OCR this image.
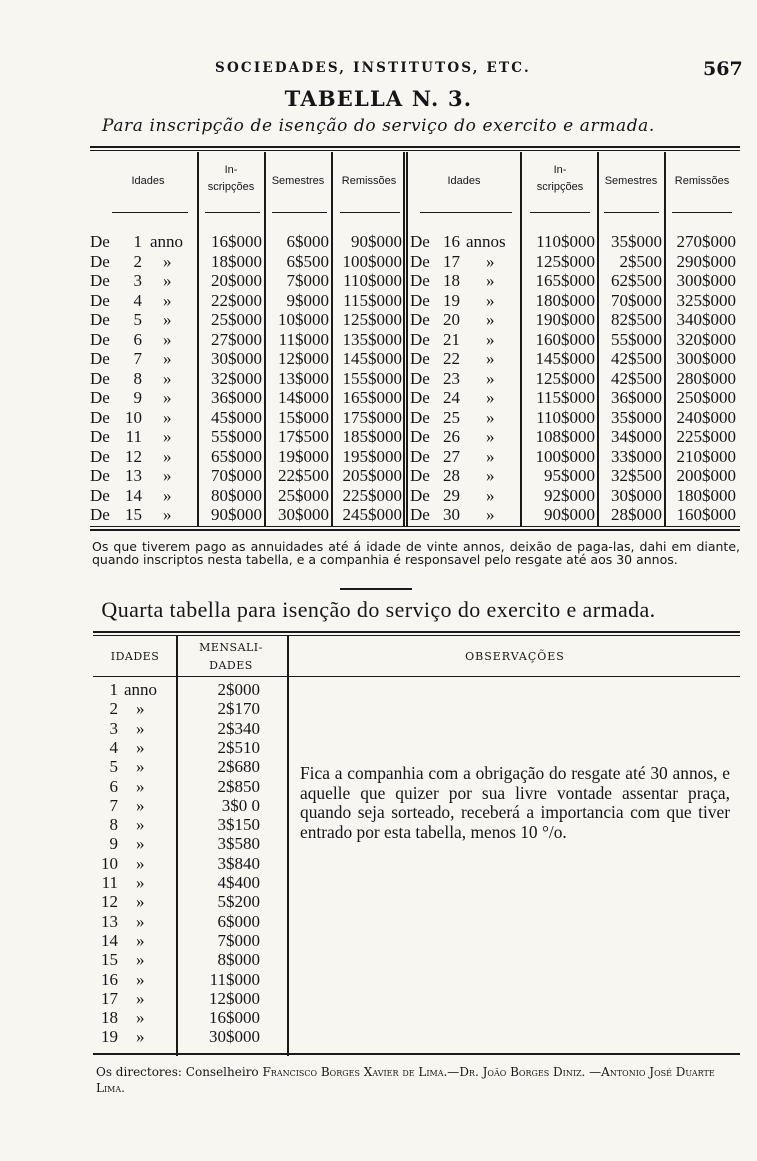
SOCIEDADES, INSTITUTOS, ETC.	567
TABELLA N. 3.
Para inscripção de isenção do serviço do exercito e armada.
Idades
In-
scripções	Semestres	Remissões	Idades
In-
scripções	Semestres	Remissões
De	1 anno	16$000	6$000	90$000 De 16 annos	110$000 35$000 270$000
De	2 »	18$000	6$500 100$000 De 17 »	125$000	2$500 290$000
De	3 »	20$000	7$000 110$000 De 18 »	165$000 62$500 300$000
De	4 »	22$000	9$000 115$000 De 19 »	180$000 70$000 325$000
De	5 »	25$000 10$000 125$000 De 20 »	190$000 82$500 340$000
De	6 »	27$000 11$000 135$000 De 21 »	160$000 55$000 320$000
De	7 »	30$000 12$000 145$000 De 22 »	145$000 42$500 300$000
De	8 »	32$000 13$000 155$000 De 23 »	125$000 42$500 280$000
De	9 »	36$000 14$000 165$000 De 24 »	115$000 36$000 250$000
De 10 »	45$000 15$000 175$000 De 25 »	110$000 35$000 240$000
De 11 »	55$000 17$500 185$000 De 26 »	108$000 34$000 225$000
De 12 »	65$000 19$000 195$000 De 27 »	100$000 33$000 210$000
De 13 »	70$000 22$500 205$000 De 28 »	95$000 32$500 200$000
De 14 »	80$000 25$000 225$000 De 29 »	92$000 30$000 180$000
De 15 »	90$000 30$000 245$000 De 30 »	90$000 28$000 160$000
Os que tiverem pago as annuidades até á idade de vinte annos, deixão de paga-las, dahi em diante, quando inscriptos nesta tabella, e a companhia é responsavel pelo resgate até aos 30 annos.
Quarta tabella para isenção do serviço do exercito e armada.
IDADES
MENSALI-
DADES
OBSERVAÇÕES
1 anno	2$000
2 »	2$170
3 »	2$340
4 »	2$510
5 »	2$680
6 »	2$850
7 »	3$0 0
8 »	3$150
9 »	3$580
10 »	3$840
11 »	4$400
12 »	5$200
13 »	6$000
14 »	7$000
15 »	8$000
16 »	11$000
17 »	12$000
18 »	16$000
19 »	30$000
Fica a companhia com a obrigação do resgate até 30 annos, e aquelle que quizer por sua livre vontade assentar praça, quando seja sorteado, receberá a importancia com que tiver entrado por esta tabella, menos 10 °/o.
Os directores: Conselheiro Francisco Borges Xavier de Lima.—Dr. João Borges Diniz. —Antonio José Duarte Lima.
